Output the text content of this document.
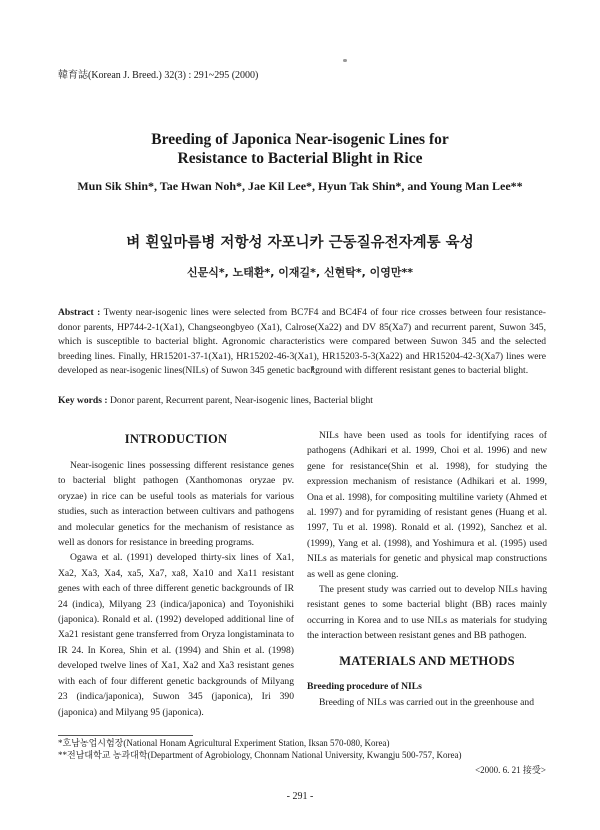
韓育誌(Korean J. Breed.) 32(3) : 291~295 (2000)
Breeding of Japonica Near-isogenic Lines for
Resistance to Bacterial Blight in Rice
Mun Sik Shin*, Tae Hwan Noh*, Jae Kil Lee*, Hyun Tak Shin*, and Young Man Lee**
벼 흰잎마름병 저항성 자포니카 근동질유전자계통 육성
신문식*, 노태환*, 이재길*, 신현탁*, 이영만**
Abstract : Twenty near-isogenic lines were selected from BC7F4 and BC4F4 of four rice crosses between four resistance-donor parents, HP744-2-1(Xa1), Changseongbyeo (Xa1), Calrose(Xa22) and DV 85(Xa7) and recurrent parent, Suwon 345, which is susceptible to bacterial blight. Agronomic characteristics were compared between Suwon 345 and the selected breeding lines. Finally, HR15201-37-1(Xa1), HR15202-46-3(Xa1), HR15203-5-3(Xa22) and HR15204-42-3(Xa7) lines were developed as near-isogenic lines(NILs) of Suwon 345 genetic background with different resistant genes to bacterial blight.
Key words : Donor parent, Recurrent parent, Near-isogenic lines, Bacterial blight
INTRODUCTION

Near-isogenic lines possessing different resistance genes to bacterial blight pathogen (Xanthomonas oryzae pv. oryzae) in rice can be useful tools as materials for various studies, such as interaction between cultivars and pathogens and molecular genetics for the mechanism of resistance as well as donors for resistance in breeding programs.

Ogawa et al. (1991) developed thirty-six lines of Xa1, Xa2, Xa3, Xa4, xa5, Xa7, xa8, Xa10 and Xa11 resistant genes with each of three different genetic backgrounds of IR 24 (indica), Milyang 23 (indica/japonica) and Toyonishiki (japonica). Ronald et al. (1992) developed additional line of Xa21 resistant gene transferred from Oryza longistaminata to IR 24. In Korea, Shin et al. (1994) and Shin et al. (1998) developed twelve lines of Xa1, Xa2 and Xa3 resistant genes with each of four different genetic backgrounds of Milyang 23 (indica/japonica), Suwon 345 (japonica), Iri 390 (japonica) and Milyang 95 (japonica).

NILs have been used as tools for identifying races of pathogens (Adhikari et al. 1999, Choi et al. 1996) and new gene for resistance(Shin et al. 1998), for studying the expression mechanism of resistance (Adhikari et al. 1999, Ona et al. 1998), for compositing multiline variety (Ahmed et al. 1997) and for pyramiding of resistant genes (Huang et al. 1997, Tu et al. 1998). Ronald et al. (1992), Sanchez et al. (1999), Yang et al. (1998), and Yoshimura et al. (1995) used NILs as materials for genetic and physical map constructions as well as gene cloning.

The present study was carried out to develop NILs having resistant genes to some bacterial blight (BB) races mainly occurring in Korea and to use NILs as materials for studying the interaction between resistant genes and BB pathogen.

MATERIALS AND METHODS

Breeding procedure of NILs

Breeding of NILs was carried out in the greenhouse and

*호남농업시험장(National Honam Agricultural Experiment Station, Iksan 570-080, Korea)
**전남대학교 농과대학(Department of Agrobiology, Chonnam National University, Kwangju 500-757, Korea)
<2000. 6. 21 接受>
- 291 -
